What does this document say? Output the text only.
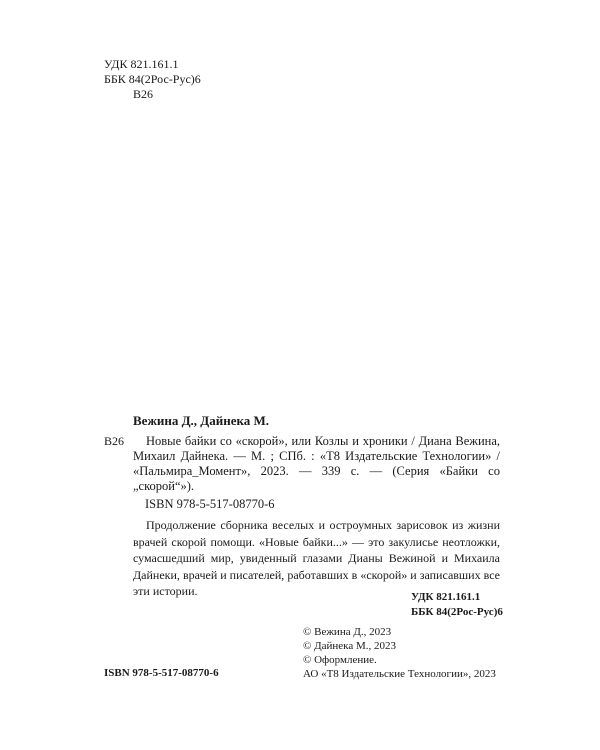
УДК 821.161.1
ББК 84(2Рос-Рус)6
В26
Вежина Д., Дайнека М.
В26	Новые байки со «скорой», или Козлы и хроники / Диана Вежина, Михаил Дайнека. — М. ; СПб. : «Т8 Издательские Технологии» / «Пальмира_Момент», 2023. — 339 с. — (Серия «Байки со „скорой“»).
ISBN 978-5-517-08770-6
Продолжение сборника веселых и остроумных зарисовок из жизни врачей скорой помощи. «Новые байки...» — это закулисье неотложки, сумасшедший мир, увиденный глазами Дианы Вежиной и Михаила Дайнеки, врачей и писателей, работавших в «скорой» и записавших все эти истории.	УДК 821.161.1
ББК 84(2Рос-Рус)6
© Вежина Д., 2023
© Дайнека М., 2023
© Оформление.
АО «Т8 Издательские Технологии», 2023
ISBN 978-5-517-08770-6
